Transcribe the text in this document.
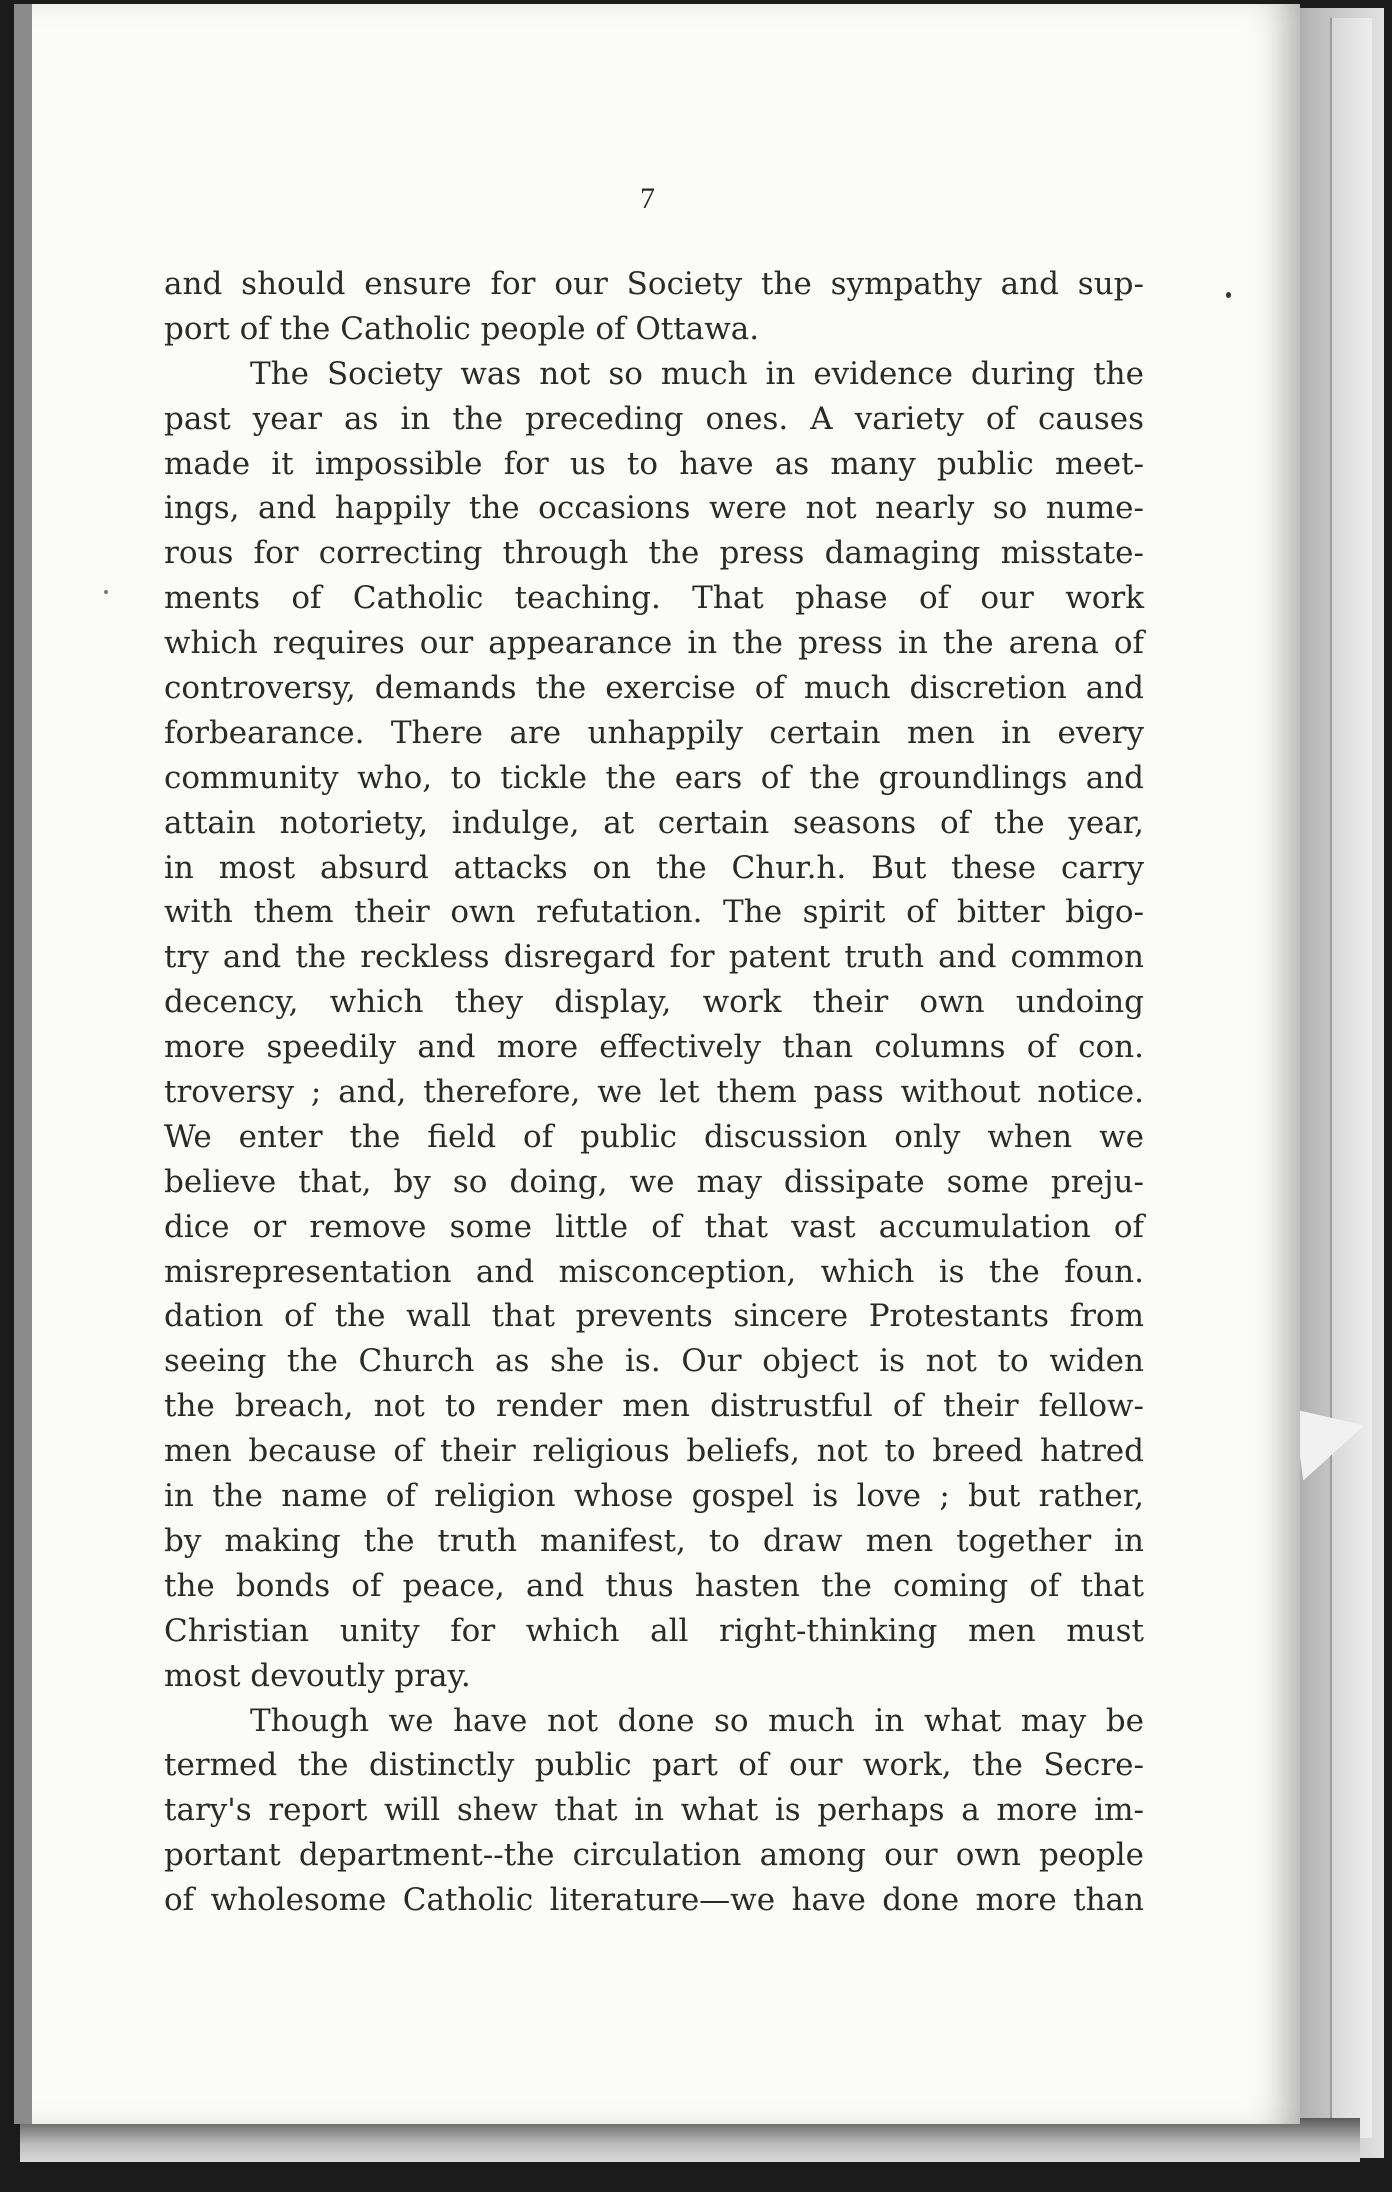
7
and should ensure for our Society the sympathy and sup-
port of the Catholic people of Ottawa.
The Society was not so much in evidence during the
past year as in the preceding ones. A variety of causes
made it impossible for us to have as many public meet-
ings, and happily the occasions were not nearly so nume-
rous for correcting through the press damaging misstate-
ments of Catholic teaching. That phase of our work
which requires our appearance in the press in the arena of
controversy, demands the exercise of much discretion and
forbearance. There are unhappily certain men in every
community who, to tickle the ears of the groundlings and
attain notoriety, indulge, at certain seasons of the year,
in most absurd attacks on the Chur.h. But these carry
with them their own refutation. The spirit of bitter bigo-
try and the reckless disregard for patent truth and common
decency, which they display, work their own undoing
more speedily and more effectively than columns of con.
troversy ; and, therefore, we let them pass without notice.
We enter the field of public discussion only when we
believe that, by so doing, we may dissipate some preju-
dice or remove some little of that vast accumulation of
misrepresentation and misconception, which is the foun.
dation of the wall that prevents sincere Protestants from
seeing the Church as she is. Our object is not to widen
the breach, not to render men distrustful of their fellow-
men because of their religious beliefs, not to breed hatred
in the name of religion whose gospel is love ; but rather,
by making the truth manifest, to draw men together in
the bonds of peace, and thus hasten the coming of that
Christian unity for which all right-thinking men must
most devoutly pray.
Though we have not done so much in what may be
termed the distinctly public part of our work, the Secre-
tary's report will shew that in what is perhaps a more im-
portant department--the circulation among our own people
of wholesome Catholic literature—we have done more than
